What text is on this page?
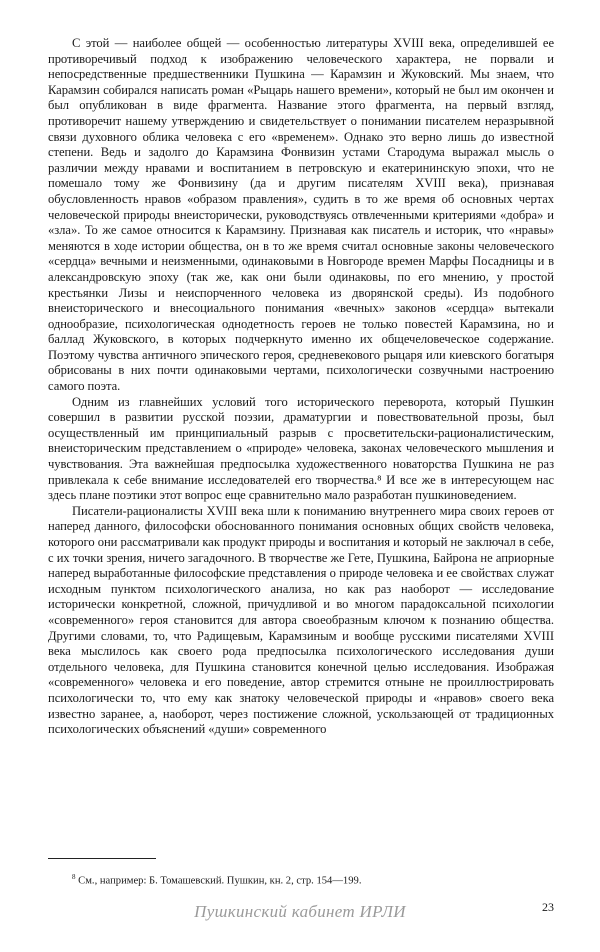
С этой — наиболее общей — особенностью литературы XVIII века, определившей ее противоречивый подход к изображению человеческого характера, не порвали и непосредственные предшественники Пушкина — Карамзин и Жуковский. Мы знаем, что Карамзин собирался написать роман «Рыцарь нашего времени», который не был им окончен и был опубликован в виде фрагмента. Название этого фрагмента, на первый взгляд, противоречит нашему утверждению и свидетельствует о понимании писателем неразрывной связи духовного облика человека с его «временем». Однако это верно лишь до известной степени. Ведь и задолго до Карамзина Фонвизин устами Стародума выражал мысль о различии между нравами и воспитанием в петровскую и екатерининскую эпохи, что не помешало тому же Фонвизину (да и другим писателям XVIII века), признавая обусловленность нравов «образом правления», судить в то же время об основных чертах человеческой природы внеисторически, руководствуясь отвлеченными критериями «добра» и «зла». То же самое относится к Карамзину. Признавая как писатель и историк, что «нравы» меняются в ходе истории общества, он в то же время считал основные законы человеческого «сердца» вечными и неизменными, одинаковыми в Новгороде времен Марфы Посадницы и в александровскую эпоху (так же, как они были одинаковы, по его мнению, у простой крестьянки Лизы и неиспорченного человека из дворянской среды). Из подобного внеисторического и внесоциального понимания «вечных» законов «сердца» вытекали однообразие, психологическая однодетность героев не только повестей Карамзина, но и баллад Жуковского, в которых подчеркнуто именно их общечеловеческое содержание. Поэтому чувства античного эпического героя, средневекового рыцаря или киевского богатыря обрисованы в них почти одинаковыми чертами, психологически созвучными настроению самого поэта.

Одним из главнейших условий того исторического переворота, который Пушкин совершил в развитии русской поэзии, драматургии и повествовательной прозы, был осуществленный им принципиальный разрыв с просветительски-рационалистическим, внеисторическим представлением о «природе» человека, законах человеческого мышления и чувствования. Эта важнейшая предпосылка художественного новаторства Пушкина не раз привлекала к себе внимание исследователей его творчества.⁸ И все же в интересующем нас здесь плане поэтики этот вопрос еще сравнительно мало разработан пушкиноведением.

Писатели-рационалисты XVIII века шли к пониманию внутреннего мира своих героев от наперед данного, философски обоснованного понимания основных общих свойств человека, которого они рассматривали как продукт природы и воспитания и который не заключал в себе, с их точки зрения, ничего загадочного. В творчестве же Гете, Пушкина, Байрона не априорные наперед выработанные философские представления о природе человека и ее свойствах служат исходным пунктом психологического анализа, но как раз наоборот — исследование исторически конкретной, сложной, причудливой и во многом парадоксальной психологии «современного» героя становится для автора своеобразным ключом к познанию общества. Другими словами, то, что Радищевым, Карамзиным и вообще русскими писателями XVIII века мыслилось как своего рода предпосылка психологического исследования души отдельного человека, для Пушкина становится конечной целью исследования. Изображая «современного» человека и его поведение, автор стремится отныне не проиллюстрировать психологически то, что ему как знатоку человеческой природы и «нравов» своего века известно заранее, а, наоборот, через постижение сложной, ускользающей от традиционных психологических объяснений «души» современного

$^8$ См., например: Б. Томашевский. Пушкин, кн. 2, стр. 154—199.

Пушкинский кабинет ИРЛИ	23
